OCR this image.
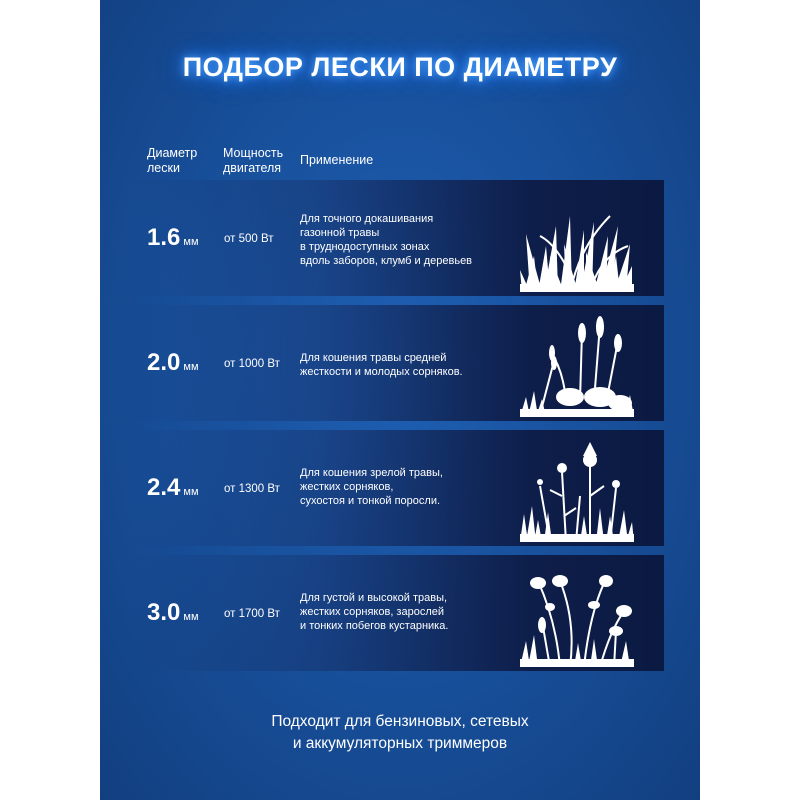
ПОДБОР ЛЕСКИ ПО ДИАМЕТРУ
Диаметр
лески
Мощность
двигателя
Применение
1.6 мм от 500 Вт
Для точного докашивания
газонной травы
в труднодоступных зонах
вдоль заборов, клумб и деревьев
2.0 мм от 1000 Вт Для кошения травы средней
жесткости и молодых сорняков.
2.4 мм от 1300 Вт
Для кошения зрелой травы,
жестких сорняков,
сухостоя и тонкой поросли.
3.0 мм от 1700 Вт
Для густой и высокой травы,
жестких сорняков, зарослей
и тонких побегов кустарника.
Подходит для бензиновых, сетевых
и аккумуляторных триммеров
